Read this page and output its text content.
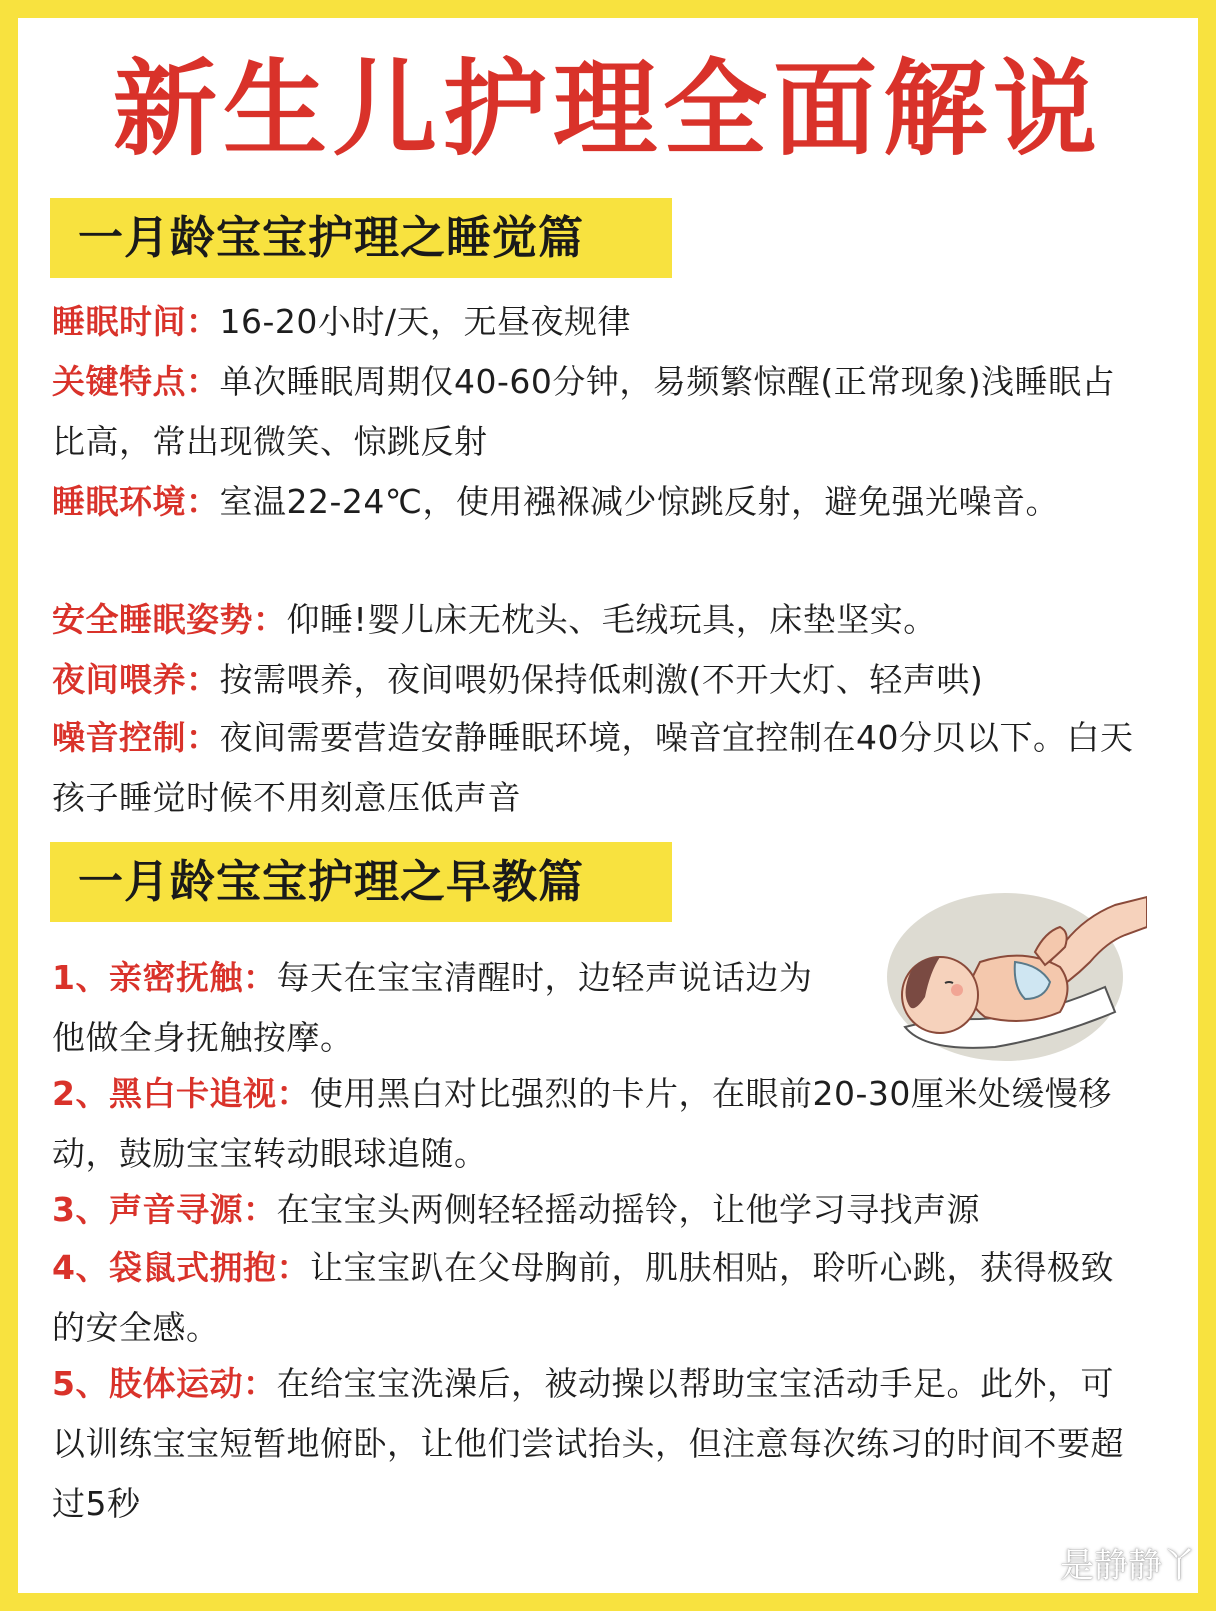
新生儿护理全面解说
一月龄宝宝护理之睡觉篇
睡眠时间：16-20小时/天，无昼夜规律
关键特点：单次睡眠周期仅40-60分钟，易频繁惊醒(正常现象)浅睡眠占比高，常出现微笑、惊跳反射
睡眠环境：室温22-24℃，使用襁褓减少惊跳反射，避免强光噪音。
安全睡眠姿势：仰睡!婴儿床无枕头、毛绒玩具，床垫坚实。
夜间喂养：按需喂养，夜间喂奶保持低刺激(不开大灯、轻声哄)
噪音控制：夜间需要营造安静睡眠环境，噪音宜控制在40分贝以下。白天孩子睡觉时候不用刻意压低声音
一月龄宝宝护理之早教篇
1、亲密抚触：每天在宝宝清醒时，边轻声说话边为他做全身抚触按摩。
2、黑白卡追视：使用黑白对比强烈的卡片，在眼前20-30厘米处缓慢移动，鼓励宝宝转动眼球追随。
3、声音寻源：在宝宝头两侧轻轻摇动摇铃，让他学习寻找声源
4、袋鼠式拥抱：让宝宝趴在父母胸前，肌肤相贴，聆听心跳，获得极致的安全感。
5、肢体运动：在给宝宝洗澡后，被动操以帮助宝宝活动手足。此外，可以训练宝宝短暂地俯卧，让他们尝试抬头，但注意每次练习的时间不要超过5秒
是静静丫
